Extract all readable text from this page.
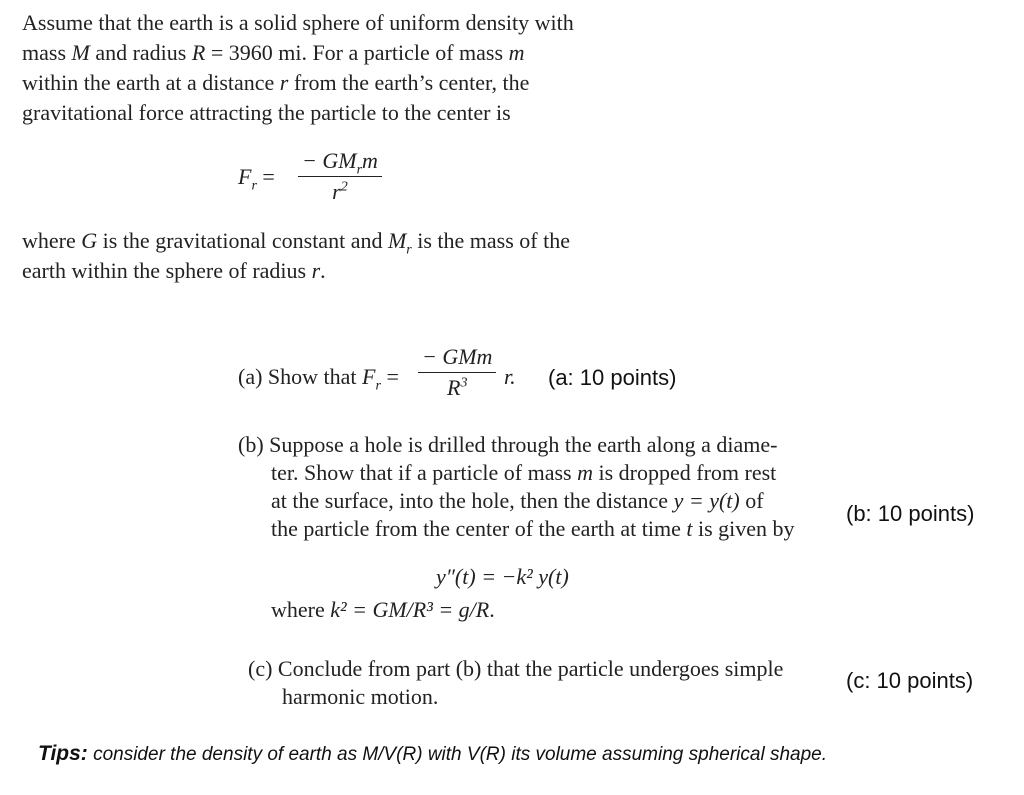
Assume that the earth is a solid sphere of uniform density with
mass M and radius R = 3960 mi. For a particle of mass m
within the earth at a distance r from the earth’s center, the
gravitational force attracting the particle to the center is
$F_r$ =
− $GM_rm$
$r^2$
where G is the gravitational constant and $M_r$ is the mass of the
earth within the sphere of radius r.
(a) Show that $F_r$ =
− GMm
$R^3$	r. (a: 10 points)
(b) Suppose a hole is drilled through the earth along a diame-
ter. Show that if a particle of mass m is dropped from rest
at the surface, into the hole, then the distance y = y(t) of
the particle from the center of the earth at time t is given by
(b: 10 points)
y″(t) = −k² y(t)
where k² = GM/R³ = g/R.
(c) Conclude from part (b) that the particle undergoes simple
harmonic motion.
(c: 10 points)
Tips: consider the density of earth as M/V(R) with V(R) its volume assuming spherical shape.
